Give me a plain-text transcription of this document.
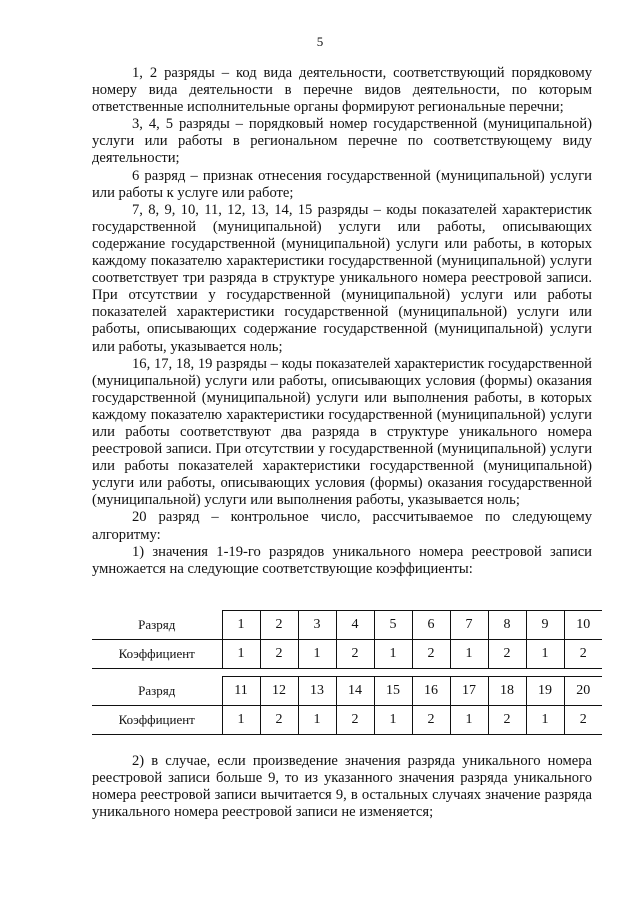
5

1, 2 разряды – код вида деятельности, соответствующий порядковому номеру вида деятельности в перечне видов деятельности, по которым ответственные исполнительные органы формируют региональные перечни;

3, 4, 5 разряды – порядковый номер государственной (муниципальной) услуги или работы в региональном перечне по соответствующему виду деятельности;

6 разряд – признак отнесения государственной (муниципальной) услуги или работы к услуге или работе;

7, 8, 9, 10, 11, 12, 13, 14, 15 разряды – коды показателей характеристик государственной (муниципальной) услуги или работы, описывающих содержание государственной (муниципальной) услуги или работы, в которых каждому показателю характеристики государственной (муниципальной) услуги соответствует три разряда в структуре уникального номера реестровой записи. При отсутствии у государственной (муниципальной) услуги или работы показателей характеристики государственной (муниципальной) услуги или работы, описывающих содержание государственной (муниципальной) услуги или работы, указывается ноль;

16, 17, 18, 19 разряды – коды показателей характеристик государственной (муниципальной) услуги или работы, описывающих условия (формы) оказания государственной (муниципальной) услуги или выполнения работы, в которых каждому показателю характеристики государственной (муниципальной) услуги или работы соответствуют два разряда в структуре уникального номера реестровой записи. При отсутствии у государственной (муниципальной) услуги или работы показателей характеристики государственной (муниципальной) услуги или работы, описывающих условия (формы) оказания государственной (муниципальной) услуги или выполнения работы, указывается ноль;

20 разряд – контрольное число, рассчитываемое по следующему алгоритму:

1) значения 1-19-го разрядов уникального номера реестровой записи умножается на следующие соответствующие коэффициенты:

Разряд	1	2	3	4	5	6	7	8	9	10
Коэффициент	1	2	1	2	1	2	1	2	1	2
Разряд	11	12	13	14	15	16	17	18	19	20
Коэффициент	1	2	1	2	1	2	1	2	1	2

2) в случае, если произведение значения разряда уникального номера реестровой записи больше 9, то из указанного значения разряда уникального номера реестровой записи вычитается 9, в остальных случаях значение разряда уникального номера реестровой записи не изменяется;
